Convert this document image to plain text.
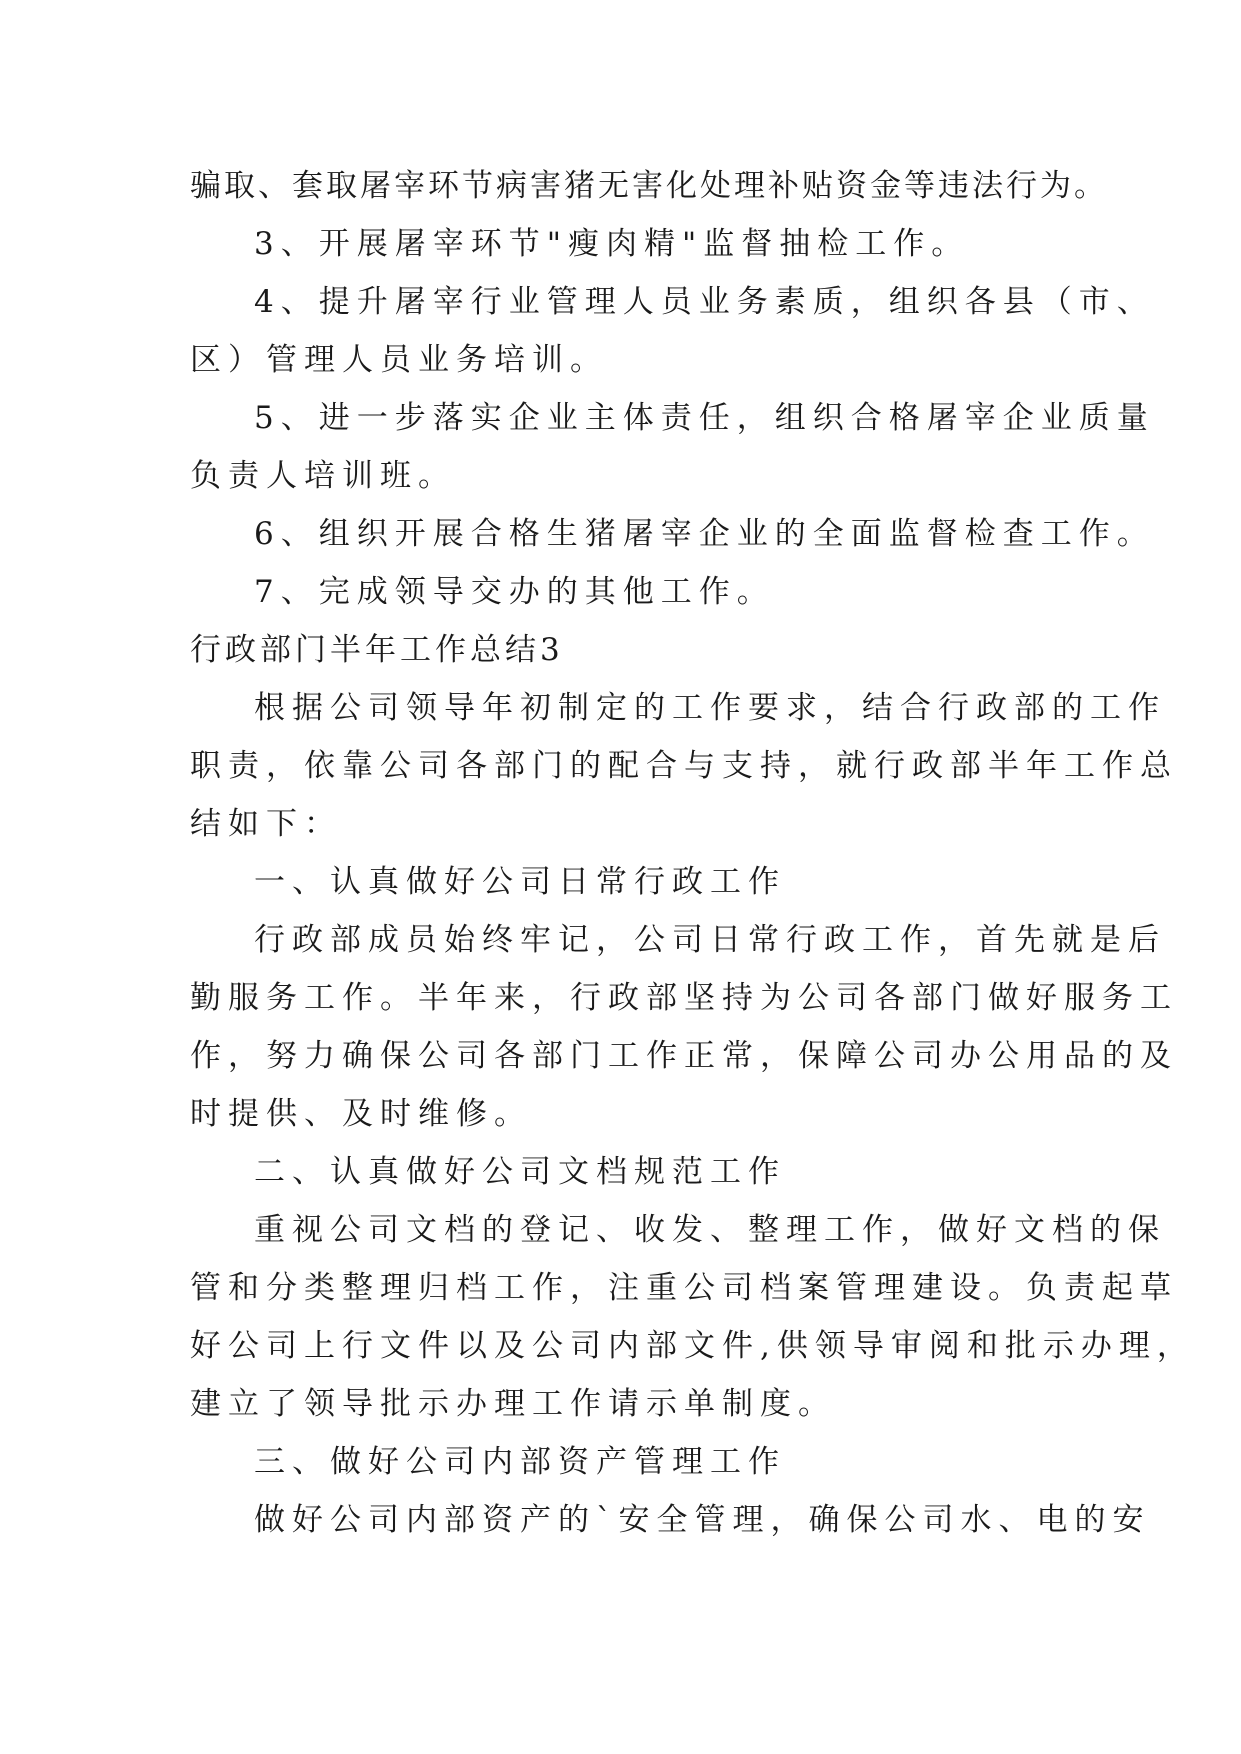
骗取、套取屠宰环节病害猪无害化处理补贴资金等违法行为。

3、开展屠宰环节"瘦肉精"监督抽检工作。

4、提升屠宰行业管理人员业务素质，组织各县（市、

区）管理人员业务培训。

5、进一步落实企业主体责任，组织合格屠宰企业质量

负责人培训班。

6、组织开展合格生猪屠宰企业的全面监督检查工作。

7、完成领导交办的其他工作。

行政部门半年工作总结3

根据公司领导年初制定的工作要求，结合行政部的工作

职责，依靠公司各部门的配合与支持，就行政部半年工作总

结如下：

一、认真做好公司日常行政工作

行政部成员始终牢记，公司日常行政工作，首先就是后

勤服务工作。半年来，行政部坚持为公司各部门做好服务工

作，努力确保公司各部门工作正常，保障公司办公用品的及

时提供、及时维修。

二、认真做好公司文档规范工作

重视公司文档的登记、收发、整理工作，做好文档的保

管和分类整理归档工作，注重公司档案管理建设。负责起草

好公司上行文件以及公司内部文件,供领导审阅和批示办理，

建立了领导批示办理工作请示单制度。

三、做好公司内部资产管理工作

做好公司内部资产的`安全管理，确保公司水、电的安
